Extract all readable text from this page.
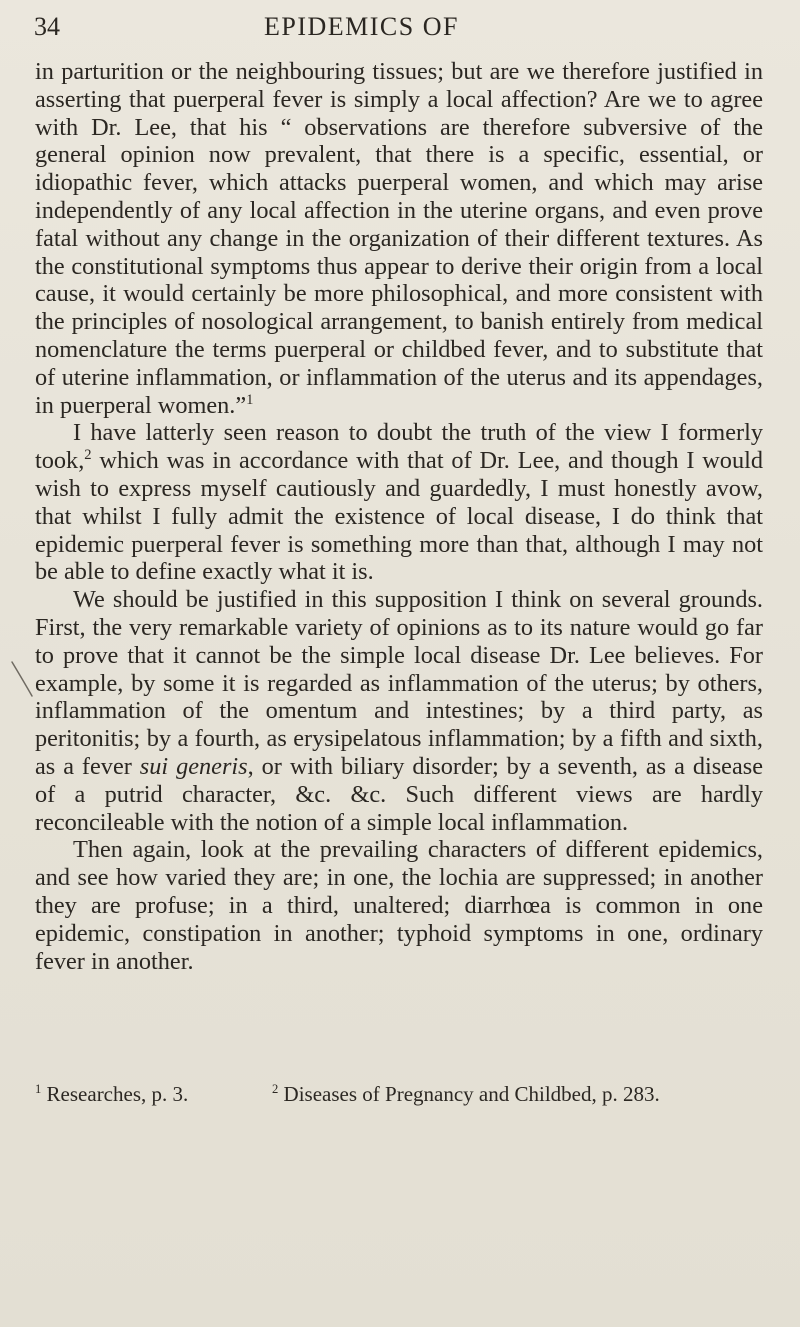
34	EPIDEMICS OF

in parturition or the neighbouring tissues; but are we therefore justified in asserting that puerperal fever is simply a local affection? Are we to agree with Dr. Lee, that his “ observations are therefore subversive of the general opinion now prevalent, that there is a specific, essential, or idiopathic fever, which attacks puerperal women, and which may arise independently of any local affection in the uterine organs, and even prove fatal without any change in the organization of their different textures. As the constitutional symptoms thus appear to derive their origin from a local cause, it would certainly be more philosophical, and more consistent with the principles of nosological arrangement, to banish entirely from medical nomenclature the terms puerperal or childbed fever, and to substitute that of uterine inflammation, or inflammation of the uterus and its appendages, in puerperal women.”$^1$

I have latterly seen reason to doubt the truth of the view I formerly took,$^2$ which was in accordance with that of Dr. Lee, and though I would wish to express myself cautiously and guardedly, I must honestly avow, that whilst I fully admit the existence of local disease, I do think that epidemic puerperal fever is something more than that, although I may not be able to define exactly what it is.

We should be justified in this supposition I think on several grounds. First, the very remarkable variety of opinions as to its nature would go far to prove that it cannot be the simple local disease Dr. Lee believes. For example, by some it is regarded as inflammation of the uterus; by others, inflammation of the omentum and intestines; by a third party, as peritonitis; by a fourth, as erysipelatous inflammation; by a fifth and sixth, as a fever sui generis, or with biliary disorder; by a seventh, as a disease of a putrid character, &c. &c. Such different views are hardly reconcileable with the notion of a simple local inflammation.

Then again, look at the prevailing characters of different epidemics, and see how varied they are; in one, the lochia are suppressed; in another they are profuse; in a third, unaltered; diarrhœa is common in one epidemic, constipation in another; typhoid symptoms in one, ordinary fever in another.

$^1$ Researches, p. 3.	$^2$ Diseases of Pregnancy and Childbed, p. 283.
